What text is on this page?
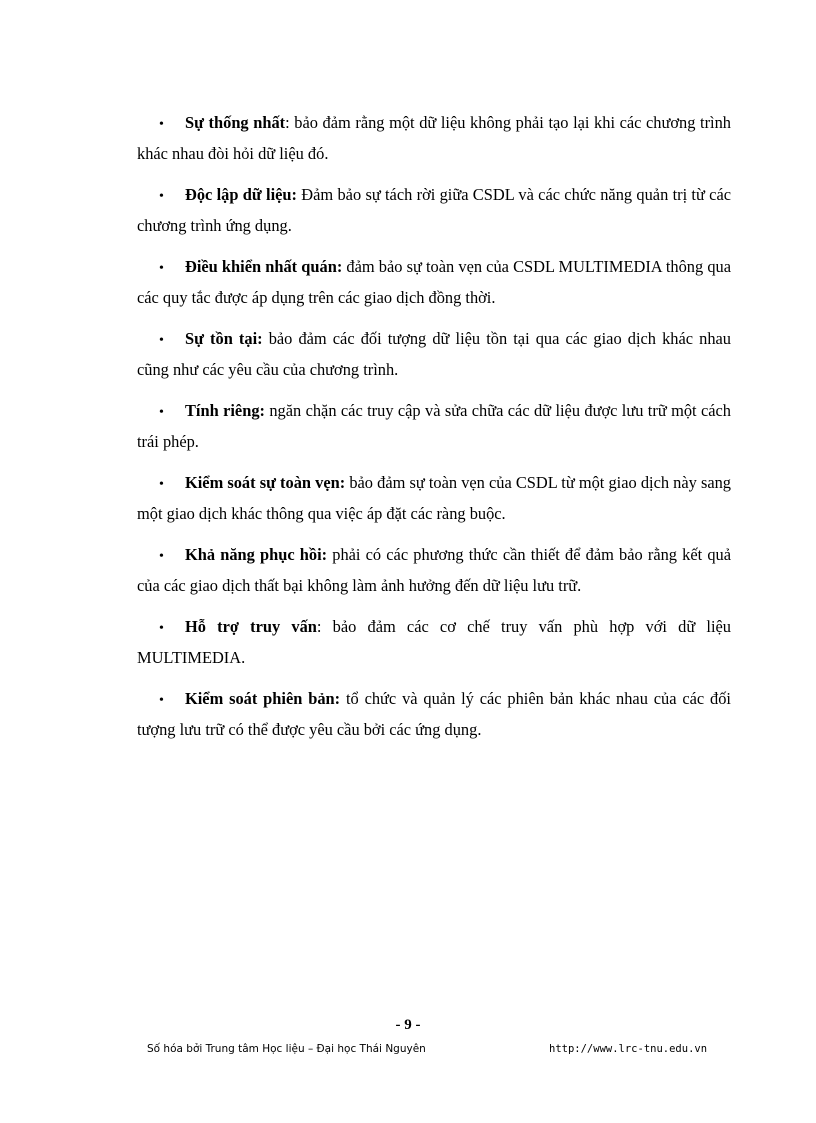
• Sự thống nhất: bảo đảm rằng một dữ liệu không phải tạo lại khi các chương trình khác nhau đòi hỏi dữ liệu đó.

• Độc lập dữ liệu: Đảm bảo sự tách rời giữa CSDL và các chức năng quản trị từ các chương trình ứng dụng.

• Điều khiển nhất quán: đảm bảo sự toàn vẹn của CSDL MULTIMEDIA thông qua các quy tắc được áp dụng trên các giao dịch đồng thời.

• Sự tồn tại: bảo đảm các đối tượng dữ liệu tồn tại qua các giao dịch khác nhau cũng như các yêu cầu của chương trình.

• Tính riêng: ngăn chặn các truy cập và sửa chữa các dữ liệu được lưu trữ một cách trái phép.

• Kiểm soát sự toàn vẹn: bảo đảm sự toàn vẹn của CSDL từ một giao dịch này sang một giao dịch khác thông qua việc áp đặt các ràng buộc.

• Khả năng phục hồi: phải có các phương thức cần thiết để đảm bảo rằng kết quả của các giao dịch thất bại không làm ảnh hưởng đến dữ liệu lưu trữ.

• Hỗ trợ truy vấn: bảo đảm các cơ chế truy vấn phù hợp với dữ liệu MULTIMEDIA.

• Kiểm soát phiên bản: tổ chức và quản lý các phiên bản khác nhau của các đối tượng lưu trữ có thể được yêu cầu bởi các ứng dụng.

- 9 -
Số hóa bởi Trung tâm Học liệu – Đại học Thái Nguyên	http://www.lrc-tnu.edu.vn
